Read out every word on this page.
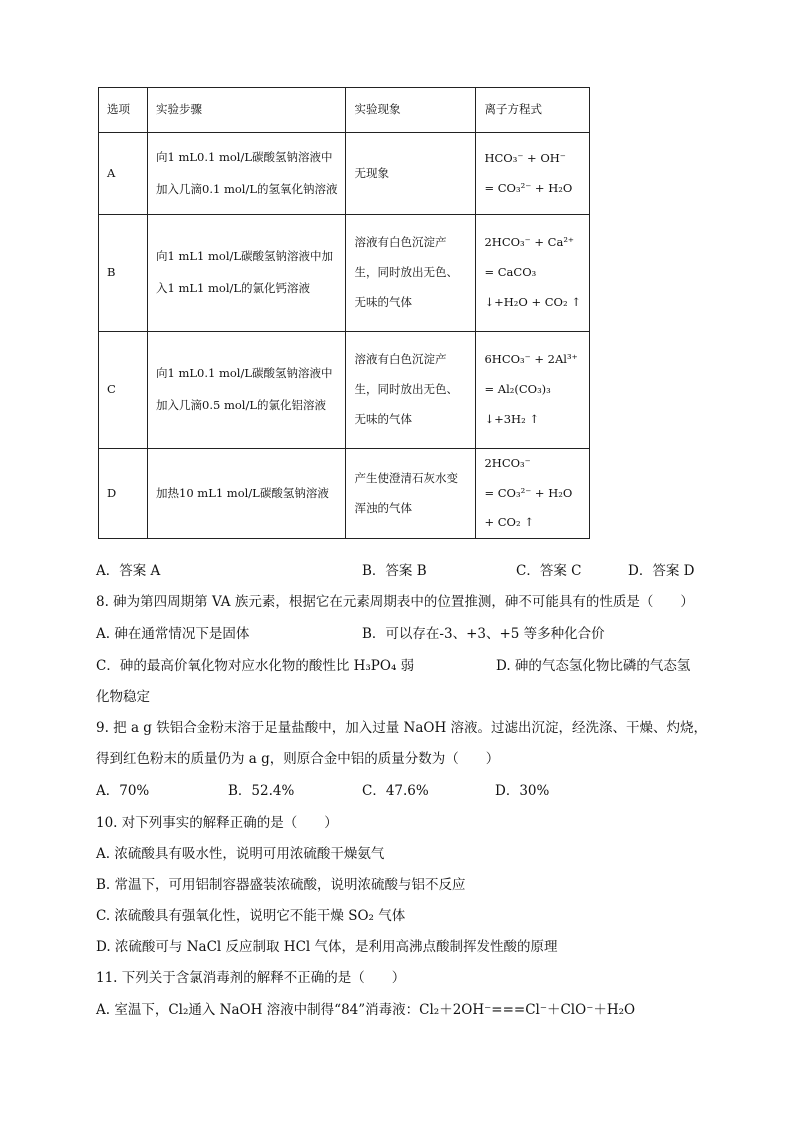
选项	实验步骤	实验现象	离子方程式
A	向1 mL0.1 mol/L碳酸氢钠溶液中
加入几滴0.1 mol/L的氢氧化钠溶液	无现象	HCO₃⁻ + OH⁻
= CO₃²⁻ + H₂O

B	向1 mL1 mol/L碳酸氢钠溶液中加
入1 mL1 mol/L的氯化钙溶液	溶液有白色沉淀产
生，同时放出无色、
无味的气体	2HCO₃⁻ + Ca²⁺
= CaCO₃
↓+H₂O + CO₂ ↑

C	向1 mL0.1 mol/L碳酸氢钠溶液中
加入几滴0.5 mol/L的氯化铝溶液	溶液有白色沉淀产
生，同时放出无色、
无味的气体	6HCO₃⁻ + 2Al³⁺
= Al₂(CO₃)₃
↓+3H₂ ↑

D	加热10 mL1 mol/L碳酸氢钠溶液	产生使澄清石灰水变
浑浊的气体	2HCO₃⁻
= CO₃²⁻ + H₂O
+ CO₂ ↑
A．答案 A	B．答案 B	C．答案 C	D．答案 D
8. 砷为第四周期第 VA 族元素，根据它在元素周期表中的位置推测，砷不可能具有的性质是（　　）
A. 砷在通常情况下是固体	B．可以存在-3、+3、+5 等多种化合价
C．砷的最高价氧化物对应水化物的酸性比 H₃PO₄ 弱	D. 砷的气态氢化物比磷的气态氢
化物稳定
9. 把 a g 铁铝合金粉末溶于足量盐酸中，加入过量 NaOH 溶液。过滤出沉淀，经洗涤、干燥、灼烧，
得到红色粉末的质量仍为 a g，则原合金中铝的质量分数为（　　）
A．70%	B．52.4%	C．47.6%	D．30%
10. 对下列事实的解释正确的是（　　）
A. 浓硫酸具有吸水性，说明可用浓硫酸干燥氨气
B. 常温下，可用铝制容器盛装浓硫酸，说明浓硫酸与铝不反应
C. 浓硫酸具有强氧化性，说明它不能干燥 SO₂ 气体
D. 浓硫酸可与 NaCl 反应制取 HCl 气体，是利用高沸点酸制挥发性酸的原理
11. 下列关于含氯消毒剂的解释不正确的是（　　）
A. 室温下，Cl₂通入 NaOH 溶液中制得“84”消毒液：Cl₂＋2OH⁻===Cl⁻＋ClO⁻＋H₂O
